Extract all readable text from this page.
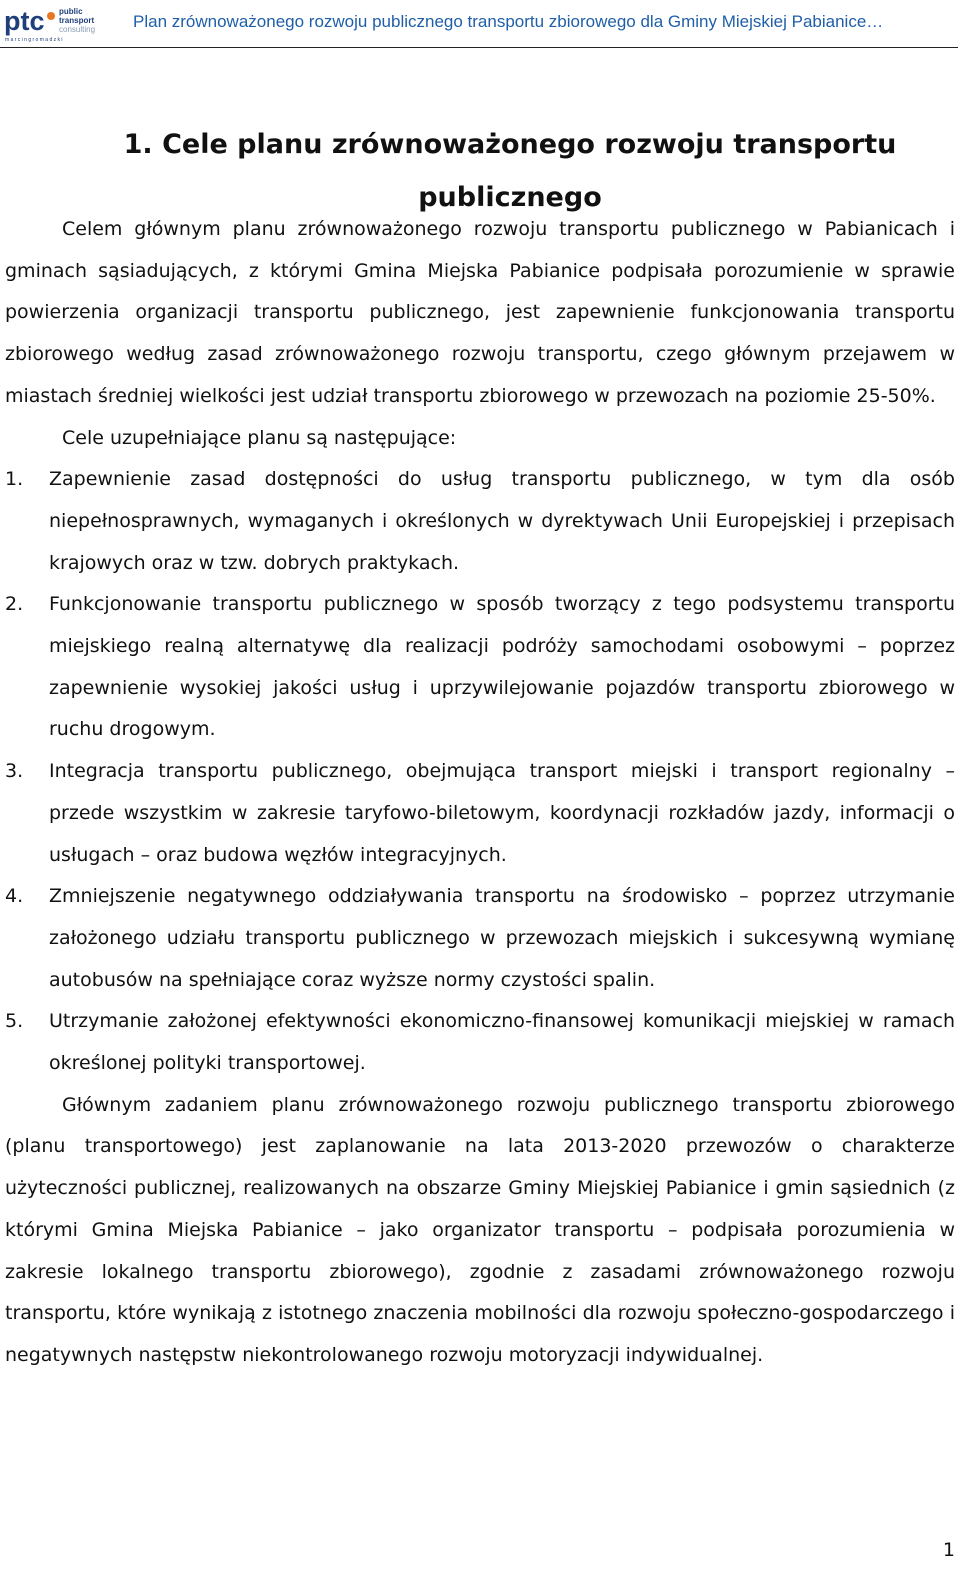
ptc public
transport
consulting
m a r c i n g r o m a d z k i
Plan zrównoważonego rozwoju publicznego transportu zbiorowego dla Gminy Miejskiej Pabianice…
1. Cele planu zrównoważonego rozwoju transportu publicznego

Celem głównym planu zrównoważonego rozwoju transportu publicznego w Pabianicach i gminach sąsiadujących, z którymi Gmina Miejska Pabianice podpisała porozumienie w sprawie powierzenia organizacji transportu publicznego, jest zapewnienie funkcjonowania transportu zbiorowego według zasad zrównoważonego rozwoju transportu, czego głównym przejawem w miastach średniej wielkości jest udział transportu zbiorowego w przewozach na poziomie 25-50%.

Cele uzupełniające planu są następujące:

1. Zapewnienie zasad dostępności do usług transportu publicznego, w tym dla osób niepełnosprawnych, wymaganych i określonych w dyrektywach Unii Europejskiej i przepisach krajowych oraz w tzw. dobrych praktykach.
2. Funkcjonowanie transportu publicznego w sposób tworzący z tego podsystemu transportu miejskiego realną alternatywę dla realizacji podróży samochodami osobowymi – poprzez zapewnienie wysokiej jakości usług i uprzywilejowanie pojazdów transportu zbiorowego w ruchu drogowym.
3. Integracja transportu publicznego, obejmująca transport miejski i transport regionalny – przede wszystkim w zakresie taryfowo-biletowym, koordynacji rozkładów jazdy, informacji o usługach – oraz budowa węzłów integracyjnych.
4. Zmniejszenie negatywnego oddziaływania transportu na środowisko – poprzez utrzymanie założonego udziału transportu publicznego w przewozach miejskich i sukcesywną wymianę autobusów na spełniające coraz wyższe normy czystości spalin.
5. Utrzymanie założonej efektywności ekonomiczno-finansowej komunikacji miejskiej w ramach określonej polityki transportowej.

Głównym zadaniem planu zrównoważonego rozwoju publicznego transportu zbiorowego (planu transportowego) jest zaplanowanie na lata 2013-2020 przewozów o charakterze użyteczności publicznej, realizowanych na obszarze Gminy Miejskiej Pabianice i gmin sąsiednich (z którymi Gmina Miejska Pabianice – jako organizator transportu – podpisała porozumienia w zakresie lokalnego transportu zbiorowego), zgodnie z zasadami zrównoważonego rozwoju transportu, które wynikają z istotnego znaczenia mobilności dla rozwoju społeczno-gospodarczego i negatywnych następstw niekontrolowanego rozwoju motoryzacji indywidualnej.

1
